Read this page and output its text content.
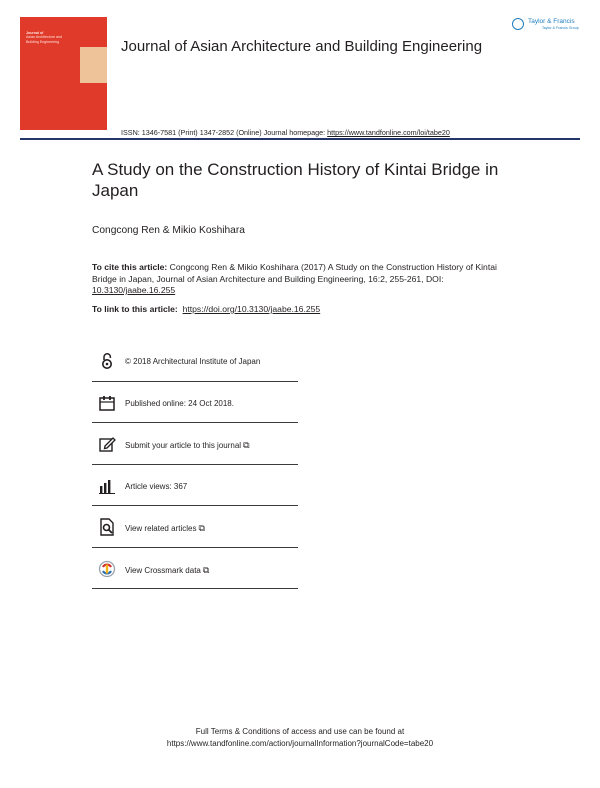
Journal of
Asian Architecture and
Building Engineering	Journal of Asian Architecture and Building Engineering
Taylor & Francis
Taylor & Francis Group
ISSN: 1346-7581 (Print) 1347-2852 (Online) Journal homepage: https://www.tandfonline.com/loi/tabe20
A Study on the Construction History of Kintai Bridge in Japan
Congcong Ren & Mikio Koshihara
To cite this article: Congcong Ren & Mikio Koshihara (2017) A Study on the Construction History of Kintai Bridge in Japan, Journal of Asian Architecture and Building Engineering, 16:2, 255-261, DOI: 10.3130/jaabe.16.255
To link to this article: https://doi.org/10.3130/jaabe.16.255
© 2018 Architectural Institute of Japan
Published online: 24 Oct 2018.
Submit your article to this journal ⧉
Article views: 367
View related articles ⧉
View Crossmark data ⧉
Full Terms & Conditions of access and use can be found at
https://www.tandfonline.com/action/journalInformation?journalCode=tabe20
